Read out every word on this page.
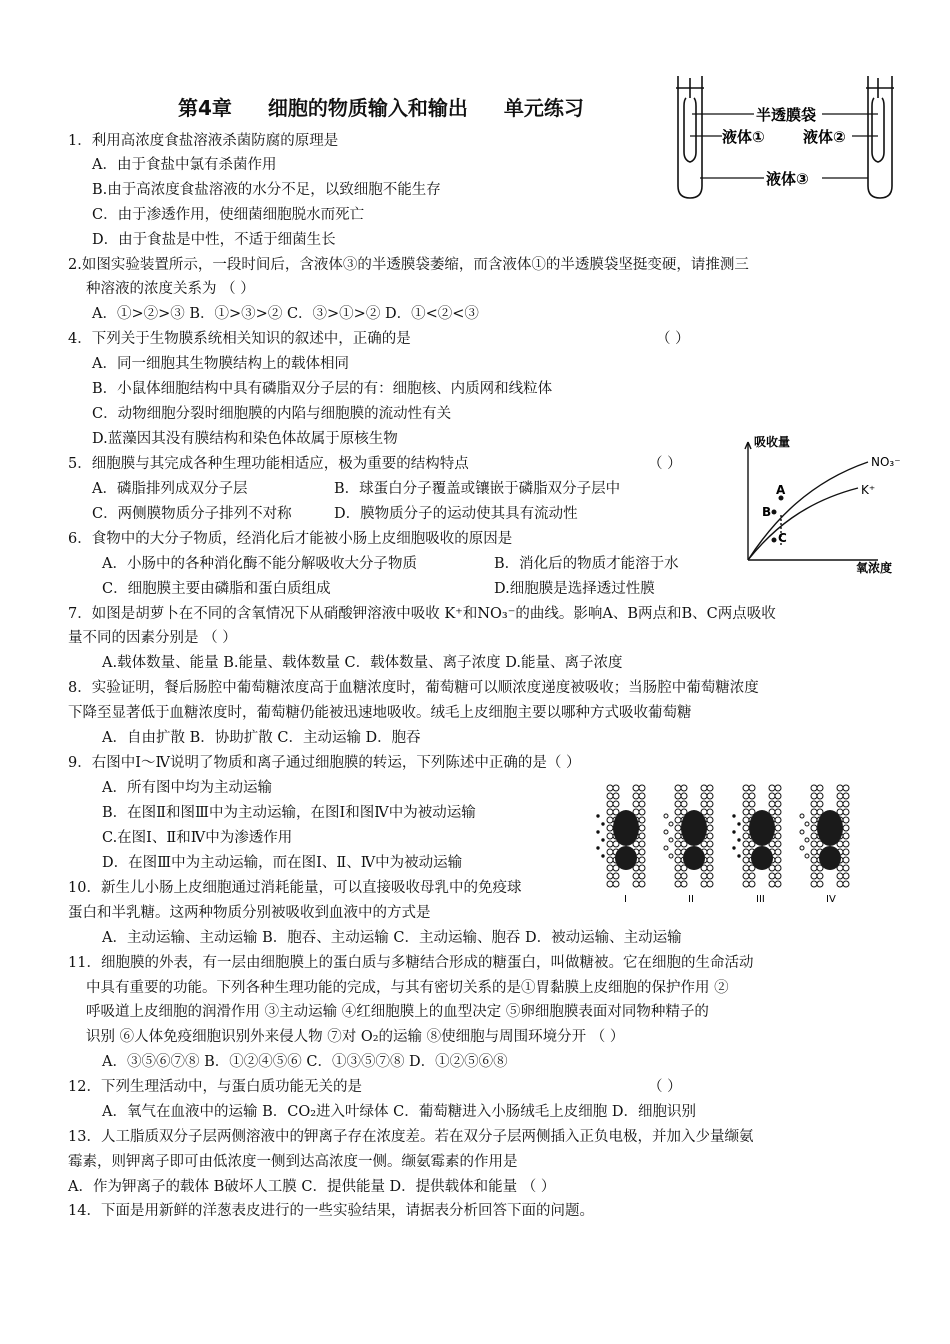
第4章 细胞的物质输入和输出 单元练习	半透膜袋
液体①	液体②
液体③
吸收量
氧浓度
NO₃⁻
K⁺
A
B
C
I	II	III	IV
1．利用高浓度食盐溶液杀菌防腐的原理是
A．由于食盐中氯有杀菌作用
B.由于高浓度食盐溶液的水分不足，以致细胞不能生存
C．由于渗透作用，使细菌细胞脱水而死亡
D．由于食盐是中性，不适于细菌生长
2.如图实验装置所示，一段时间后，含液体③的半透膜袋萎缩，而含液体①的半透膜袋坚挺变硬，请推测三
种溶液的浓度关系为 （ ）
A．①>②>③ B．①>③>② C．③>①>② D．①<②<③
4．下列关于生物膜系统相关知识的叙述中，正确的是	（ ）
A．同一细胞其生物膜结构上的载体相同
B．小鼠体细胞结构中具有磷脂双分子层的有：细胞核、内质网和线粒体
C．动物细胞分裂时细胞膜的内陷与细胞膜的流动性有关
D.蓝藻因其没有膜结构和染色体故属于原核生物
5．细胞膜与其完成各种生理功能相适应，极为重要的结构特点	（ ）
A．磷脂排列成双分子层	B．球蛋白分子覆盖或镶嵌于磷脂双分子层中
C．两侧膜物质分子排列不对称	D．膜物质分子的运动使其具有流动性
6．食物中的大分子物质，经消化后才能被小肠上皮细胞吸收的原因是
A．小肠中的各种消化酶不能分解吸收大分子物质	B．消化后的物质才能溶于水
C．细胞膜主要由磷脂和蛋白质组成	D.细胞膜是选择透过性膜
7．如图是胡萝卜在不同的含氧情况下从硝酸钾溶液中吸收 K⁺和NO₃⁻的曲线。影响A、B两点和B、C两点吸收
量不同的因素分别是 （ ）
A.载体数量、能量 B.能量、载体数量 C．载体数量、离子浓度 D.能量、离子浓度
8．实验证明，餐后肠腔中葡萄糖浓度高于血糖浓度时，葡萄糖可以顺浓度递度被吸收；当肠腔中葡萄糖浓度
下降至显著低于血糖浓度时，葡萄糖仍能被迅速地吸收。绒毛上皮细胞主要以哪种方式吸收葡萄糖
A．自由扩散 B．协助扩散 C．主动运输 D．胞吞
9．右图中Ⅰ～Ⅳ说明了物质和离子通过细胞膜的转运，下列陈述中正确的是（ ）
A．所有图中均为主动运输
B．在图Ⅱ和图Ⅲ中为主动运输，在图Ⅰ和图Ⅳ中为被动运输
C.在图Ⅰ、Ⅱ和Ⅳ中为渗透作用
D．在图Ⅲ中为主动运输，而在图Ⅰ、Ⅱ、Ⅳ中为被动运输
10．新生儿小肠上皮细胞通过消耗能量，可以直接吸收母乳中的免疫球
蛋白和半乳糖。这两种物质分别被吸收到血液中的方式是
A．主动运输、主动运输 B．胞吞、主动运输 C．主动运输、胞吞 D．被动运输、主动运输
11．细胞膜的外表，有一层由细胞膜上的蛋白质与多糖结合形成的糖蛋白，叫做糖被。它在细胞的生命活动
中具有重要的功能。下列各种生理功能的完成，与其有密切关系的是①胃黏膜上皮细胞的保护作用 ②
呼吸道上皮细胞的润滑作用 ③主动运输 ④红细胞膜上的血型决定 ⑤卵细胞膜表面对同物种精子的
识别 ⑥人体免疫细胞识别外来侵人物 ⑦对 O₂的运输 ⑧使细胞与周围环境分开 （ ）
A．③⑤⑥⑦⑧ B．①②④⑤⑥ C．①③⑤⑦⑧ D．①②⑤⑥⑧
12．下列生理活动中，与蛋白质功能无关的是	（ ）
A．氧气在血液中的运输 B．CO₂进入叶绿体 C．葡萄糖进入小肠绒毛上皮细胞 D．细胞识别
13．人工脂质双分子层两侧溶液中的钾离子存在浓度差。若在双分子层两侧插入正负电极，并加入少量缬氨
霉素，则钾离子即可由低浓度一侧到达高浓度一侧。缬氨霉素的作用是
A．作为钾离子的载体 B破坏人工膜 C．提供能量 D．提供载体和能量 （ ）
14．下面是用新鲜的洋葱表皮进行的一些实验结果，请据表分析回答下面的问题。
